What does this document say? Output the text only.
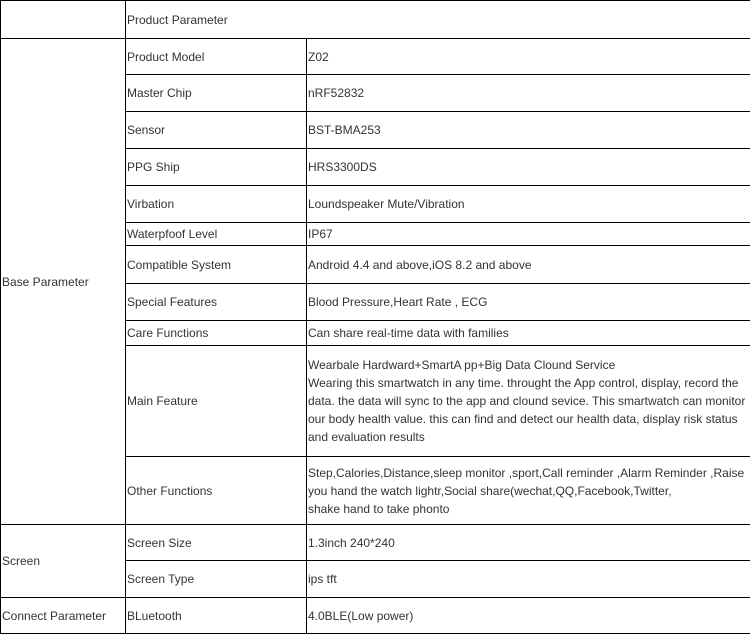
	Product Parameter	
Base Parameter	Product Model	Z02
	Master Chip	nRF52832
	Sensor	BST-BMA253
	PPG Ship	HRS3300DS
	Virbation	Loundspeaker Mute/Vibration
	Waterpfoof Level	IP67
	Compatible System	Android 4.4 and above,iOS 8.2 and above
	Special Features	Blood Pressure,Heart Rate , ECG
	Care Functions	Can share real-time data with families
	Main Feature	Wearbale Hardward+SmartA pp+Big Data Clound Service
Wearing this smartwatch in any time. throught the App control, display, record the data. the data will sync to the app and clound sevice. This smartwatch can monitor our body health value. this can find and detect our health data, display risk status and evaluation results
	Other Functions	Step,Calories,Distance,sleep monitor ,sport,Call reminder ,Alarm Reminder ,Raise you hand the watch lightr,Social share(wechat,QQ,Facebook,Twitter,
shake hand to take phonto
Screen	Screen Size	1.3inch 240*240
	Screen Type	ips tft
Connect Parameter	BLuetooth	4.0BLE(Low power)
